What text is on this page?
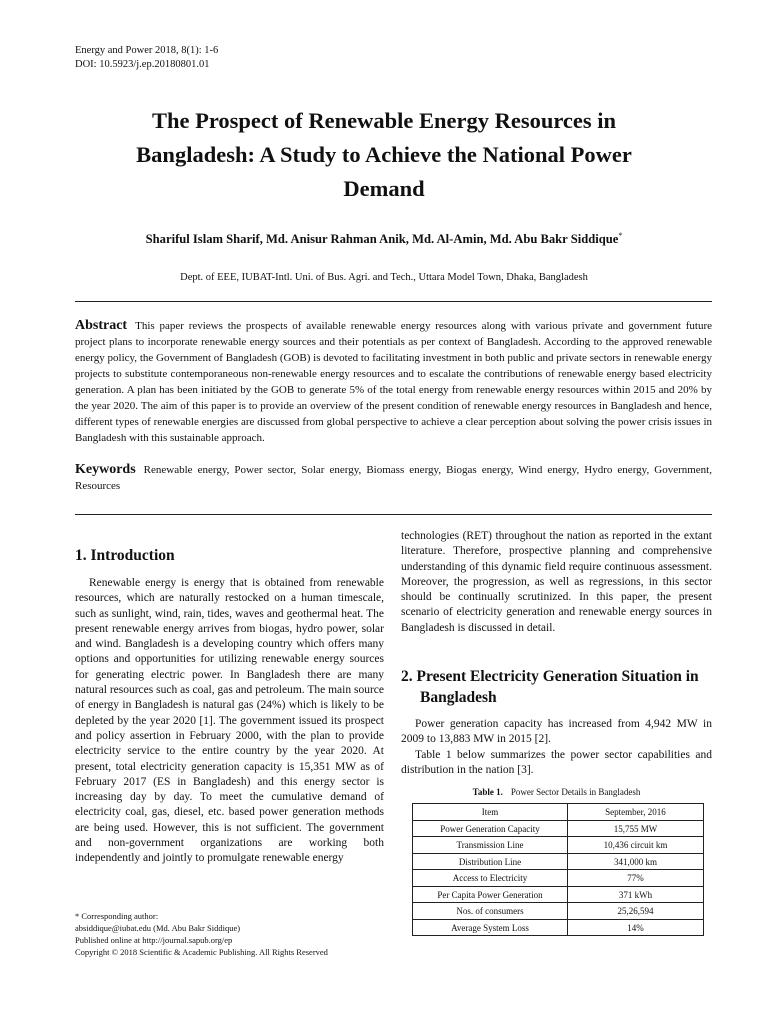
Energy and Power 2018, 8(1): 1-6
DOI: 10.5923/j.ep.20180801.01
The Prospect of Renewable Energy Resources in
Bangladesh: A Study to Achieve the National Power
Demand
Shariful Islam Sharif, Md. Anisur Rahman Anik, Md. Al-Amin, Md. Abu Bakr Siddique*
Dept. of EEE, IUBAT-Intl. Uni. of Bus. Agri. and Tech., Uttara Model Town, Dhaka, Bangladesh
Abstract This paper reviews the prospects of available renewable energy resources along with various private and government future project plans to incorporate renewable energy sources and their potentials as per context of Bangladesh. According to the approved renewable energy policy, the Government of Bangladesh (GOB) is devoted to facilitating investment in both public and private sectors in renewable energy projects to substitute contemporaneous non-renewable energy resources and to escalate the contributions of renewable energy based electricity generation. A plan has been initiated by the GOB to generate 5% of the total energy from renewable energy resources within 2015 and 20% by the year 2020. The aim of this paper is to provide an overview of the present condition of renewable energy resources in Bangladesh and hence, different types of renewable energies are discussed from global perspective to achieve a clear perception about solving the power crisis issues in Bangladesh with this sustainable approach.
Keywords Renewable energy, Power sector, Solar energy, Biomass energy, Biogas energy, Wind energy, Hydro energy, Government, Resources
1. Introduction

Renewable energy is energy that is obtained from renewable resources, which are naturally restocked on a human timescale, such as sunlight, wind, rain, tides, waves and geothermal heat. The present renewable energy arrives from biogas, hydro power, solar and wind. Bangladesh is a developing country which offers many options and opportunities for utilizing renewable energy sources for generating electric power. In Bangladesh there are many natural resources such as coal, gas and petroleum. The main source of energy in Bangladesh is natural gas (24%) which is likely to be depleted by the year 2020 [1]. The government issued its prospect and policy assertion in February 2000, with the plan to provide electricity service to the entire country by the year 2020. At present, total electricity generation capacity is 15,351 MW as of February 2017 (ES in Bangladesh) and this energy sector is increasing day by day. To meet the cumulative demand of electricity coal, gas, diesel, etc. based power generation methods are being used. However, this is not sufficient. The government and non-government organizations are working both independently and jointly to promulgate renewable energy

technologies (RET) throughout the nation as reported in the extant literature. Therefore, prospective planning and comprehensive understanding of this dynamic field require continuous assessment. Moreover, the progression, as well as regressions, in this sector should be continually scrutinized. In this paper, the present scenario of electricity generation and renewable energy sources in Bangladesh is discussed in detail.

2. Present Electricity Generation Situation in Bangladesh

Power generation capacity has increased from 4,942 MW in 2009 to 13,883 MW in 2015 [2].

Table 1 below summarizes the power sector capabilities and distribution in the nation [3].

Table 1. Power Sector Details in Bangladesh
Item	September, 2016
Power Generation Capacity	15,755 MW
Transmission Line	10,436 circuit km
Distribution Line	341,000 km
Access to Electricity	77%
Per Capita Power Generation	371 kWh
Nos. of consumers	25,26,594
Average System Loss	14%
* Corresponding author:
absiddique@iubat.edu (Md. Abu Bakr Siddique)
Published online at http://journal.sapub.org/ep
Copyright © 2018 Scientific & Academic Publishing. All Rights Reserved
